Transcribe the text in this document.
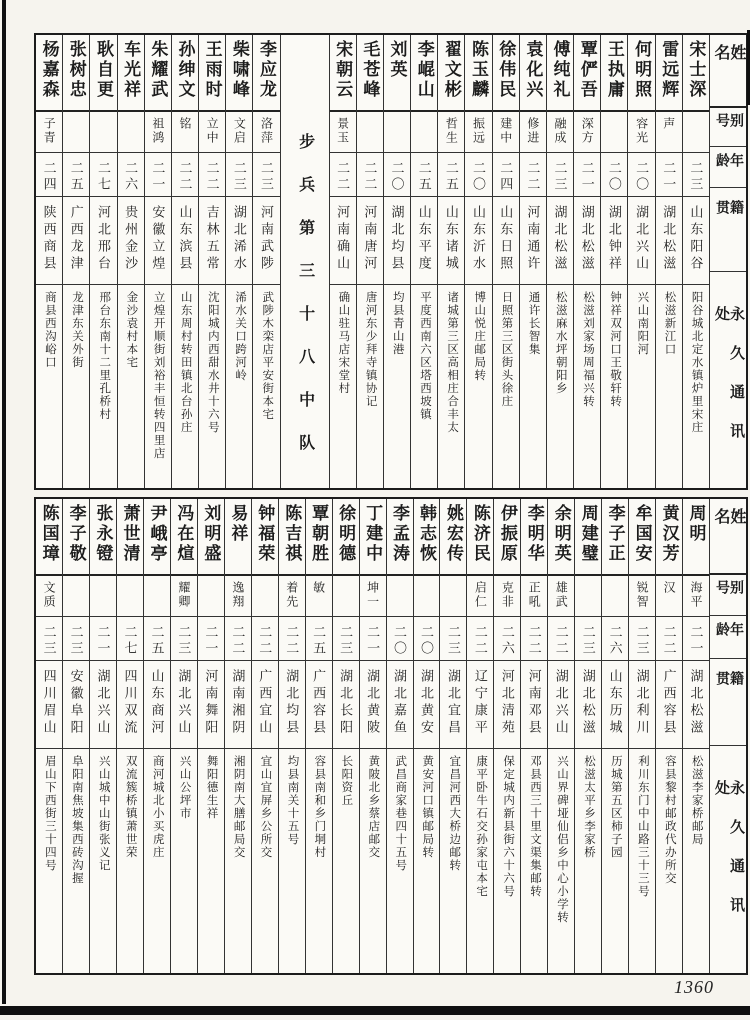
姓名
别号
年龄
籍贯
永久通讯处
宋士深
二三
山东阳谷
阳谷城北定水镇炉里宋庄
雷远辉
声
二一
湖北松滋
松滋新江口
何明照
容光
二〇
湖北兴山
兴山南阳河
王执庸
二〇
湖北钟祥
钟祥双河口王敬轩转
覃俨吾
深方
二一
湖北松滋
松滋刘家场周福兴转
傅纯礼
融成
二三
湖北松滋
松滋麻水坪朝阳乡
袁化兴
修进
二二
河南通许
通许长智集
徐伟民
建中
二四
山东日照
日照第三区街头徐庄
陈玉麟
振远
二〇
山东沂水
博山悦庄邮局转
翟文彬
哲生
二五
山东诸城
诸城第三区高相庄合丰太
李崐山
二五
山东平度
平度西南六区塔西坡镇
刘英
二〇
湖北均县
均县青山港
毛苍峰
二二
河南唐河
唐河东少拜寺镇协记
宋朝云
景玉
二二
河南确山
确山驻马店宋堂村
步兵第三十八中队
李应龙
洛萍
二三
河南武陟
武陟木栾店平安街本宅
柴啸峰
文启
二三
湖北浠水
浠水关口跨河岭
王雨时
立中
二二
吉林五常
沈阳城内西甜水井十六号
孙绅文
铭
二二
山东滨县
山东周村转田镇北台孙庄
朱耀武
祖鸿
二一
安徽立煌
立煌开顺街刘裕丰恒转四里店
车光祥
二六
贵州金沙
金沙袁村本宅
耿自更
二七
河北邢台
邢台东南十二里孔桥村
张树忠
二五
广西龙津
龙津东关外街
杨嘉森
子青
二四
陕西商县
商县西沟峪口
姓名
别号
年龄
籍贯
永久通讯处
周明
海平
二一
湖北松滋
松滋李家桥邮局
黄汉芳
汉
二二
广西容县
容县黎村邮政代办所交
牟国安
锐智
二三
湖北利川
利川东门中山路三十三号
李子正
二六
山东历城
历城第五区柿子园
周建璧
二三
湖北松滋
松滋太平乡李家桥
余明英
雄武
二二
湖北兴山
兴山界碑垭仙侣乡中心小学转
李明华
正吼
二二
河南邓县
邓县西三十里文渠集邮转
伊振原
克非
二六
河北清苑
保定城内新县街六十六号
陈济民
启仁
二二
辽宁康平
康平卧牛石交孙家屯本宅
姚宏传
二三
湖北宜昌
宜昌河西大桥边邮转
韩志恢
二〇
湖北黄安
黄安河口镇邮局转
李孟涛
二〇
湖北嘉鱼
武昌商家巷四十五号
丁建中
坤一
二一
湖北黄陂
黄陂北乡蔡店邮交
徐明德
二三
湖北长阳
长阳资丘
覃朝胜
敏
二五
广西容县
容县南和乡门垌村
陈吉祺
着先
二二
湖北均县
均县南关十五号
钟福荣
二二
广西宜山
宜山宜屏乡公所交
易祥
逸翔
二二
湖南湘阴
湘阴南大膳邮局交
刘明盛
二一
河南舞阳
舞阳德生祥
冯在煊
耀卿
二三
湖北兴山
兴山公坪市
尹峨亭
二五
山东商河
商河城北小买虎庄
萧世清
二七
四川双流
双流簇桥镇萧世荣
张永镫
二一
湖北兴山
兴山城中山街张义记
李子敬
二三
安徽阜阳
阜阳南焦坡集西砖沟握
陈国璋
文质
二三
四川眉山
眉山下西街三十四号
1360
